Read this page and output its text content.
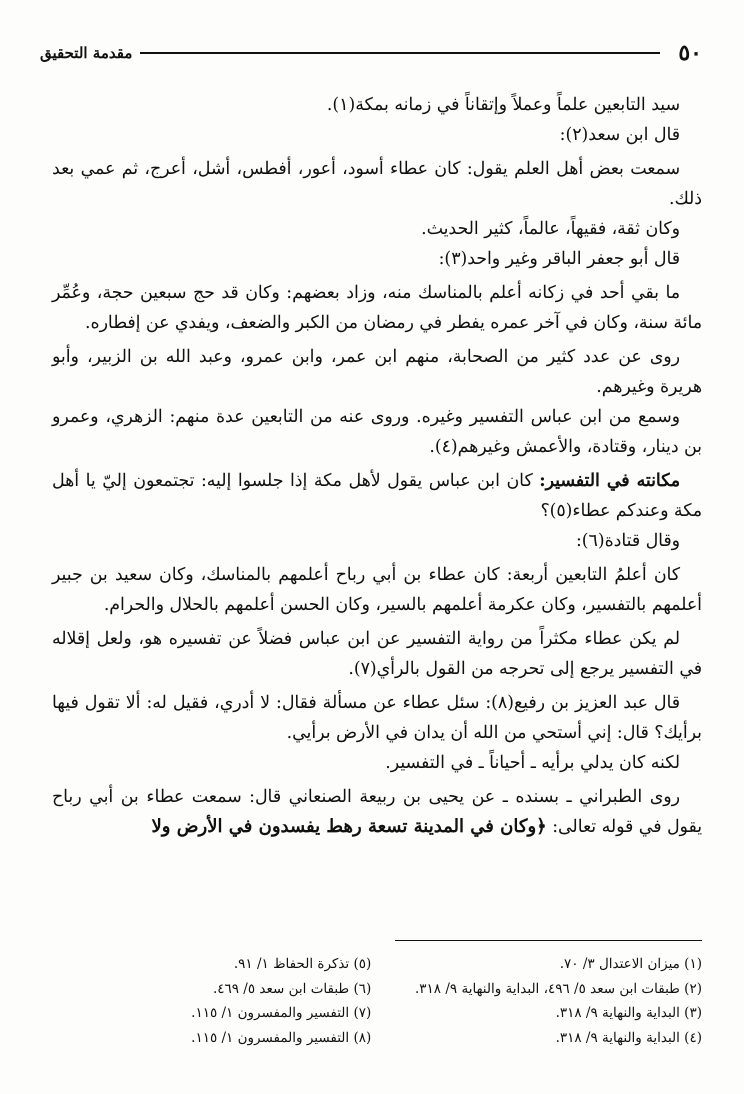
٥٠
مقدمة التحقيق

سيد التابعين علماً وعملاً وإتقاناً في زمانه بمكة(١).

قال ابن سعد(٢):

سمعت بعض أهل العلم يقول: كان عطاء أسود، أعور، أفطس، أشل، أعرج، ثم عمي بعد ذلك.

وكان ثقة، فقيهاً، عالماً، كثير الحديث.

قال أبو جعفر الباقر وغير واحد(٣):

ما بقي أحد في زكانه أعلم بالمناسك منه، وزاد بعضهم: وكان قد حج سبعين حجة، وعُمِّر مائة سنة، وكان في آخر عمره يفطر في رمضان من الكبر والضعف، ويفدي عن إفطاره.

روى عن عدد كثير من الصحابة، منهم ابن عمر، وابن عمرو، وعبد الله بن الزبير، وأبو هريرة وغيرهم.

وسمع من ابن عباس التفسير وغيره. وروى عنه من التابعين عدة منهم: الزهري، وعمرو بن دينار، وقتادة، والأعمش وغيرهم(٤).

مكانته في التفسير: كان ابن عباس يقول لأهل مكة إذا جلسوا إليه: تجتمعون إليّ يا أهل مكة وعندكم عطاء(٥)؟

وقال قتادة(٦):

كان أعلمُ التابعين أربعة: كان عطاء بن أبي رباح أعلمهم بالمناسك، وكان سعيد بن جبير أعلمهم بالتفسير، وكان عكرمة أعلمهم بالسير، وكان الحسن أعلمهم بالحلال والحرام.

لم يكن عطاء مكثراً من رواية التفسير عن ابن عباس فضلاً عن تفسيره هو، ولعل إقلاله في التفسير يرجع إلى تحرجه من القول بالرأي(٧).

قال عبد العزيز بن رفيع(٨): سئل عطاء عن مسألة فقال: لا أدري، فقيل له: ألا تقول فيها برأيك؟ قال: إني أستحي من الله أن يدان في الأرض برأيي.

لكنه كان يدلي برأيه ـ أحياناً ـ في التفسير.

روى الطبراني ـ بسنده ـ عن يحيى بن ربيعة الصنعاني قال: سمعت عطاء بن أبي رباح يقول في قوله تعالى: ﴿وكان في المدينة تسعة رهط يفسدون في الأرض ولا

(١) ميزان الاعتدال ٣/ ٧٠.
(٥) تذكرة الحفاظ ١/ ٩١.
(٢) طبقات ابن سعد ٥/ ٤٩٦، البداية والنهاية ٩/ ٣١٨.
(٦) طبقات ابن سعد ٥/ ٤٦٩.
(٣) البداية والنهاية ٩/ ٣١٨.
(٧) التفسير والمفسرون ١/ ١١٥.
(٤) البداية والنهاية ٩/ ٣١٨.
(٨) التفسير والمفسرون ١/ ١١٥.
